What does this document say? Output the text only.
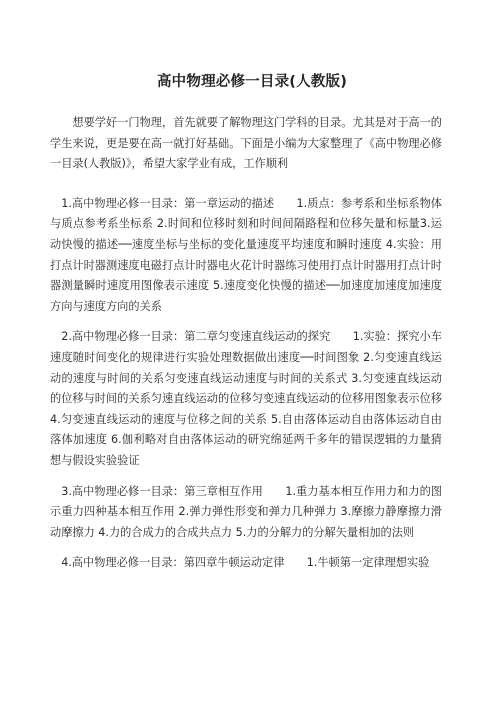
高中物理必修一目录(人教版)

　　想要学好一门物理，首先就要了解物理这门学科的目录。尤其是对于高一的学生来说，更是要在高一就打好基础。下面是小编为大家整理了《高中物理必修一目录(人教版)》，希望大家学业有成，工作顺利

　1.高中物理必修一目录：第一章运动的描述　　1.质点：参考系和坐标系物体与质点参考系坐标系 2.时间和位移时刻和时间间隔路程和位移矢量和标量3.运动快慢的描述──速度坐标与坐标的变化量速度平均速度和瞬时速度 4.实验：用打点计时器测速度电磁打点计时器电火花计时器练习使用打点计时器用打点计时器测量瞬时速度用图像表示速度 5.速度变化快慢的描述──加速度加速度加速度方向与速度方向的关系

　2.高中物理必修一目录：第二章匀变速直线运动的探究　　1.实验：探究小车速度随时间变化的规律进行实验处理数据做出速度──时间图象 2.匀变速直线运动的速度与时间的关系匀变速直线运动速度与时间的关系式 3.匀变速直线运动的位移与时间的关系匀速直线运动的位移匀变速直线运动的位移用图象表示位移 4.匀变速直线运动的速度与位移之间的关系 5.自由落体运动自由落体运动自由落体加速度 6.伽利略对自由落体运动的研究绵延两千多年的错误逻辑的力量猜想与假设实验验证

　3.高中物理必修一目录：第三章相互作用　　1.重力基本相互作用力和力的图示重力四种基本相互作用 2.弹力弹性形变和弹力几种弹力 3.摩擦力静摩擦力滑动摩擦力 4.力的合成力的合成共点力 5.力的分解力的分解矢量相加的法则

　4.高中物理必修一目录：第四章牛顿运动定律　　1.牛顿第一定律理想实验
